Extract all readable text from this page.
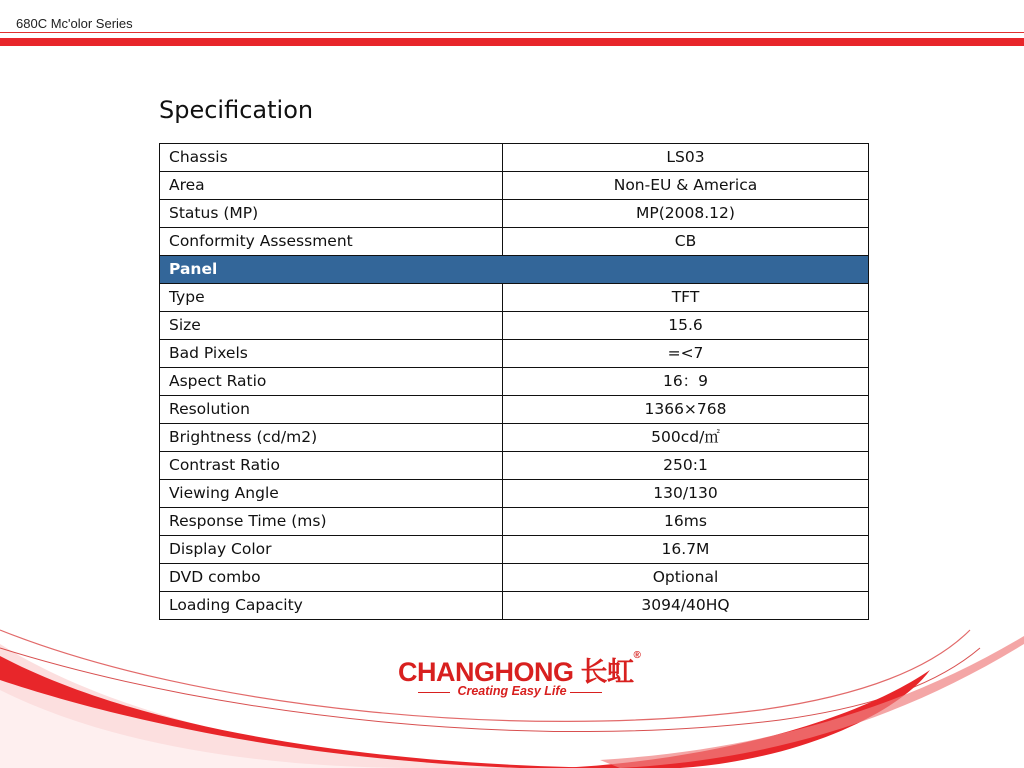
680C Mc'olor Series
Specification
Chassis	LS03
Area	Non-EU & America
Status (MP)	MP(2008.12)
Conformity Assessment	CB
Panel	
Type	TFT
Size	15.6
Bad Pixels	=<7
Aspect Ratio	16：9
Resolution	1366×768
Brightness (cd/m2)	500cd/㎡
Contrast Ratio	250:1
Viewing Angle	130/130
Response Time (ms)	16ms
Display Color	16.7M
DVD combo	Optional
Loading Capacity	3094/40HQ
CHANGHONG 长虹®
Creating Easy Life
